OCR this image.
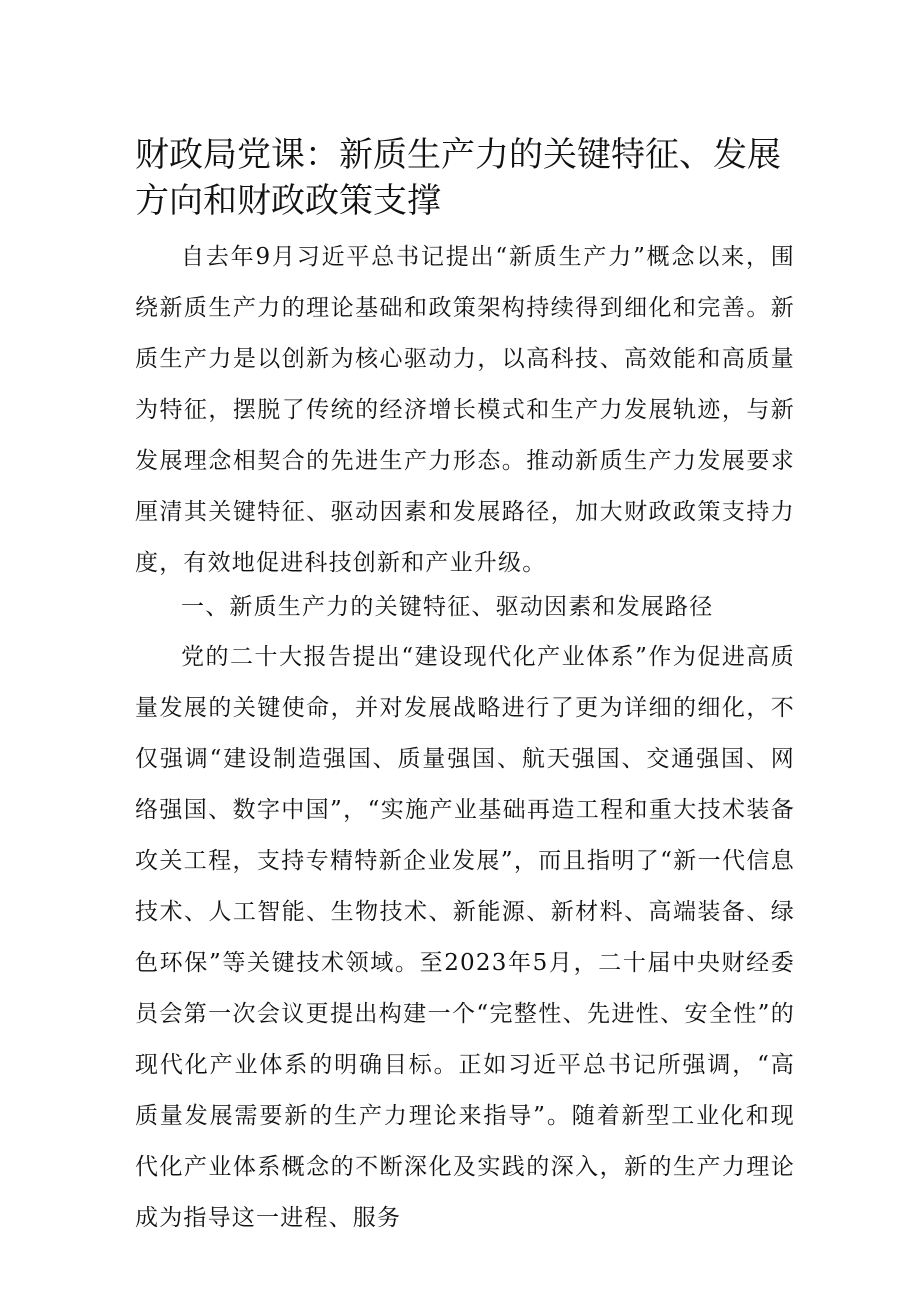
财政局党课：新质生产力的关键特征、发展方向和财政政策支撑

自去年9月习近平总书记提出“新质生产力”概念以来，围绕新质生产力的理论基础和政策架构持续得到细化和完善。新质生产力是以创新为核心驱动力，以高科技、高效能和高质量为特征，摆脱了传统的经济增长模式和生产力发展轨迹，与新发展理念相契合的先进生产力形态。推动新质生产力发展要求厘清其关键特征、驱动因素和发展路径，加大财政政策支持力度，有效地促进科技创新和产业升级。

一、新质生产力的关键特征、驱动因素和发展路径

党的二十大报告提出“建设现代化产业体系”作为促进高质量发展的关键使命，并对发展战略进行了更为详细的细化，不仅强调“建设制造强国、质量强国、航天强国、交通强国、网络强国、数字中国”，“实施产业基础再造工程和重大技术装备攻关工程，支持专精特新企业发展”，而且指明了“新一代信息技术、人工智能、生物技术、新能源、新材料、高端装备、绿色环保”等关键技术领域。至2023年5月，二十届中央财经委员会第一次会议更提出构建一个“完整性、先进性、安全性”的现代化产业体系的明确目标。正如习近平总书记所强调，“高质量发展需要新的生产力理论来指导”。随着新型工业化和现代化产业体系概念的不断深化及实践的深入，新的生产力理论成为指导这一进程、服务
